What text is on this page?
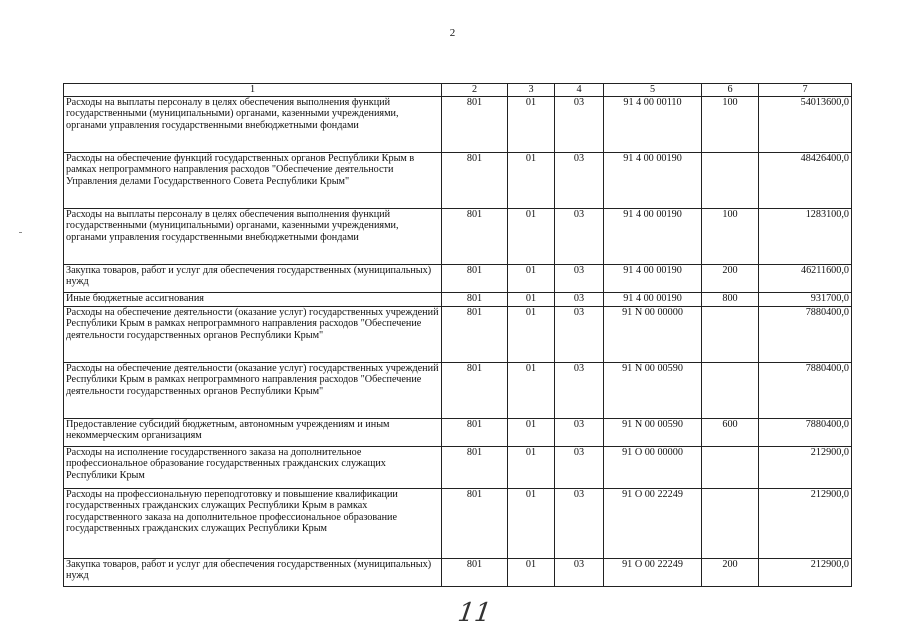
2
1	2	3	4	5	6	7
Расходы на выплаты персоналу в целях обеспечения выполнения функций государственными (муниципальными) органами, казенными учреждениями, органами управления государственными внебюджетными фондами	801	01	03	91 4 00 00110	100	54013600,0
Расходы на обеспечение функций государственных органов Республики Крым в рамках непрограммного направления расходов "Обеспечение деятельности Управления делами Государственного Совета Республики Крым"	801	01	03	91 4 00 00190		48426400,0
Расходы на выплаты персоналу в целях обеспечения выполнения функций государственными (муниципальными) органами, казенными учреждениями, органами управления государственными внебюджетными фондами	801	01	03	91 4 00 00190	100	1283100,0
Закупка товаров, работ и услуг для обеспечения государственных (муниципальных) нужд	801	01	03	91 4 00 00190	200	46211600,0
Иные бюджетные ассигнования	801	01	03	91 4 00 00190	800	931700,0
Расходы на обеспечение деятельности (оказание услуг) государственных учреждений Республики Крым в рамках непрограммного направления расходов "Обеспечение деятельности государственных органов Республики Крым"	801	01	03	91 N 00 00000		7880400,0
Расходы на обеспечение деятельности (оказание услуг) государственных учреждений Республики Крым в рамках непрограммного направления расходов "Обеспечение деятельности государственных органов Республики Крым"	801	01	03	91 N 00 00590		7880400,0
Предоставление субсидий бюджетным, автономным учреждениям и иным некоммерческим организациям	801	01	03	91 N 00 00590	600	7880400,0
Расходы на исполнение государственного заказа на дополнительное профессиональное образование государственных гражданских служащих Республики Крым	801	01	03	91 О 00 00000		212900,0
Расходы на профессиональную переподготовку и повышение квалификации государственных гражданских служащих Республики Крым в рамках государственного заказа на дополнительное профессиональное образование государственных гражданских служащих Республики Крым	801	01	03	91 О 00 22249		212900,0
Закупка товаров, работ и услуг для обеспечения государственных (муниципальных) нужд	801	01	03	91 О 00 22249	200	212900,0
11
